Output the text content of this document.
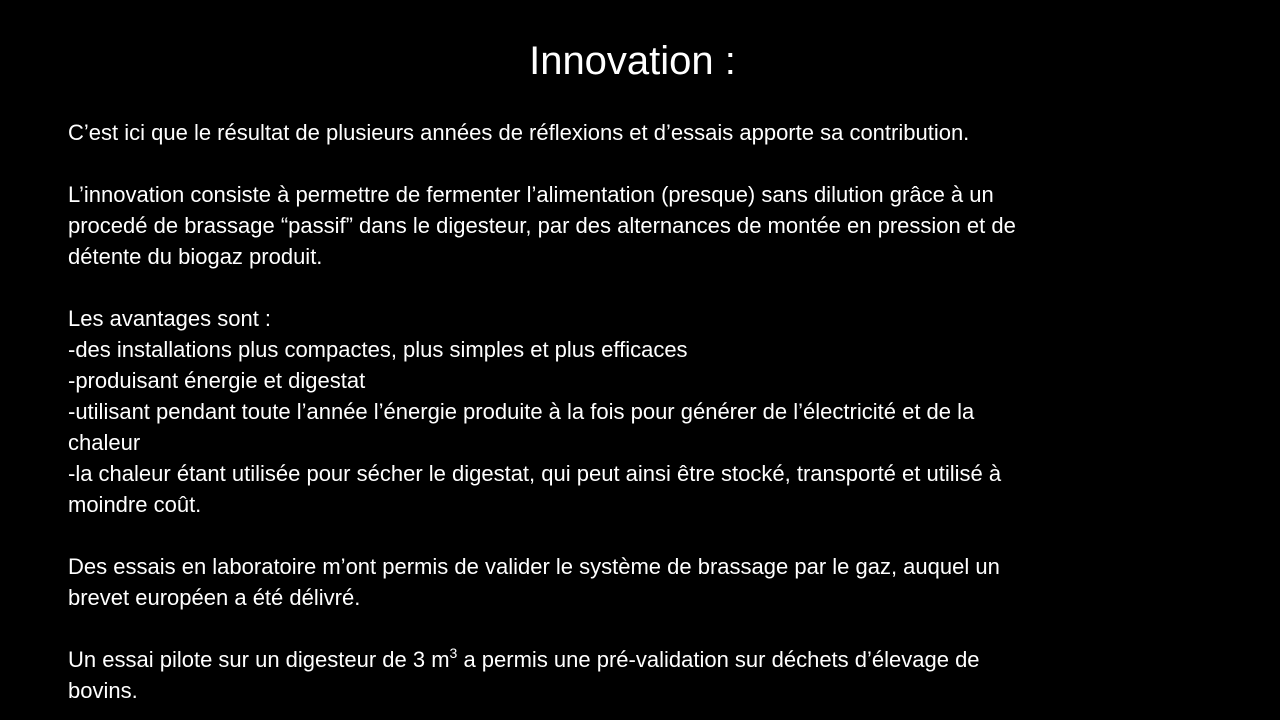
Innovation :
C’est ici que le résultat de plusieurs années de réflexions et d’essais apporte sa contribution.
L’innovation consiste à permettre de fermenter l’alimentation (presque) sans dilution grâce à un
procedé de brassage “passif” dans le digesteur, par des alternances de montée en pression et de
détente du biogaz produit.
Les avantages sont :
-des installations plus compactes, plus simples et plus efficaces
-produisant énergie et digestat
-utilisant pendant toute l’année l’énergie produite à la fois pour générer de l’électricité et de la
chaleur
-la chaleur étant utilisée pour sécher le digestat, qui peut ainsi être stocké, transporté et utilisé à
moindre coût.
Des essais en laboratoire m’ont permis de valider le système de brassage par le gaz, auquel un
brevet européen a été délivré.
Un essai pilote sur un digesteur de 3 $m^3$ a permis une pré-validation sur déchets d’élevage de
bovins.
